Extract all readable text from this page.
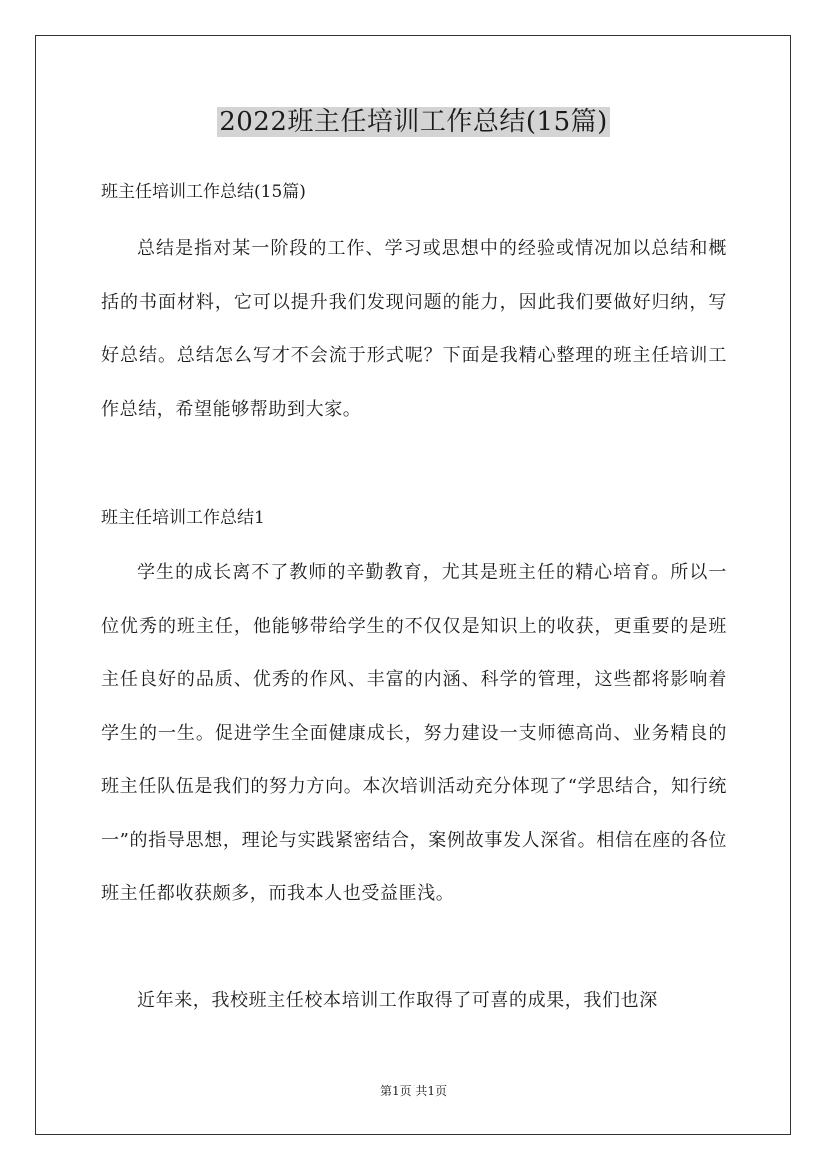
2022班主任培训工作总结(15篇)

班主任培训工作总结(15篇)

总结是指对某一阶段的工作、学习或思想中的经验或情况加以总结和概括的书面材料，它可以提升我们发现问题的能力，因此我们要做好归纳，写好总结。总结怎么写才不会流于形式呢？下面是我精心整理的班主任培训工作总结，希望能够帮助到大家。

班主任培训工作总结1

学生的成长离不了教师的辛勤教育，尤其是班主任的精心培育。所以一位优秀的班主任，他能够带给学生的不仅仅是知识上的收获，更重要的是班主任良好的品质、优秀的作风、丰富的内涵、科学的管理，这些都将影响着学生的一生。促进学生全面健康成长，努力建设一支师德高尚、业务精良的班主任队伍是我们的努力方向。本次培训活动充分体现了“学思结合，知行统一”的指导思想，理论与实践紧密结合，案例故事发人深省。相信在座的各位班主任都收获颇多，而我本人也受益匪浅。

近年来，我校班主任校本培训工作取得了可喜的成果，我们也深

第1页 共1页
